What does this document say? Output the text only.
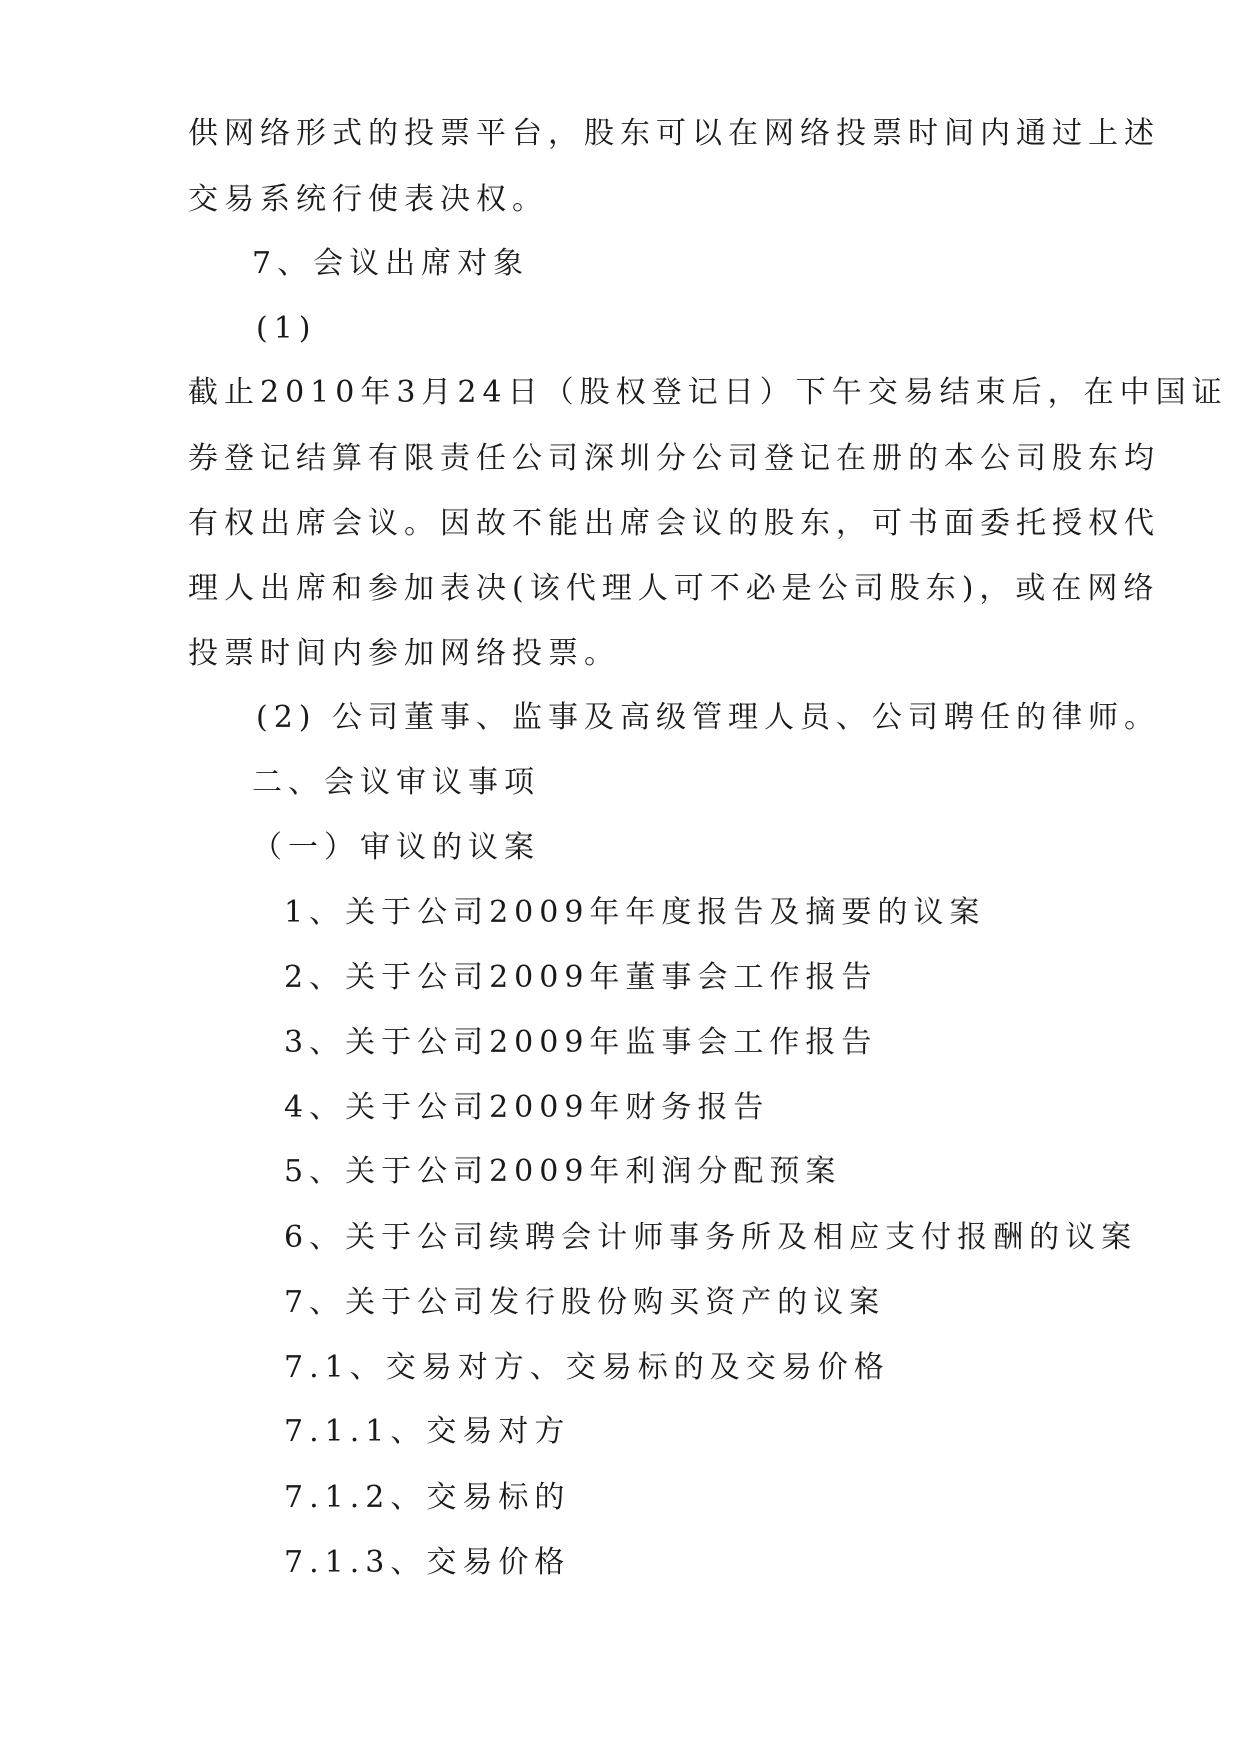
供网络形式的投票平台，股东可以在网络投票时间内通过上述
交易系统行使表决权。
7、会议出席对象
(1)
截止2010年3月24日（股权登记日）下午交易结束后，在中国证
券登记结算有限责任公司深圳分公司登记在册的本公司股东均
有权出席会议。因故不能出席会议的股东，可书面委托授权代
理人出席和参加表决(该代理人可不必是公司股东)，或在网络
投票时间内参加网络投票。
(2) 公司董事、监事及高级管理人员、公司聘任的律师。
二、会议审议事项
（一）审议的议案
1、关于公司2009年年度报告及摘要的议案
2、关于公司2009年董事会工作报告
3、关于公司2009年监事会工作报告
4、关于公司2009年财务报告
5、关于公司2009年利润分配预案
6、关于公司续聘会计师事务所及相应支付报酬的议案
7、关于公司发行股份购买资产的议案
7.1、交易对方、交易标的及交易价格
7.1.1、交易对方
7.1.2、交易标的
7.1.3、交易价格
